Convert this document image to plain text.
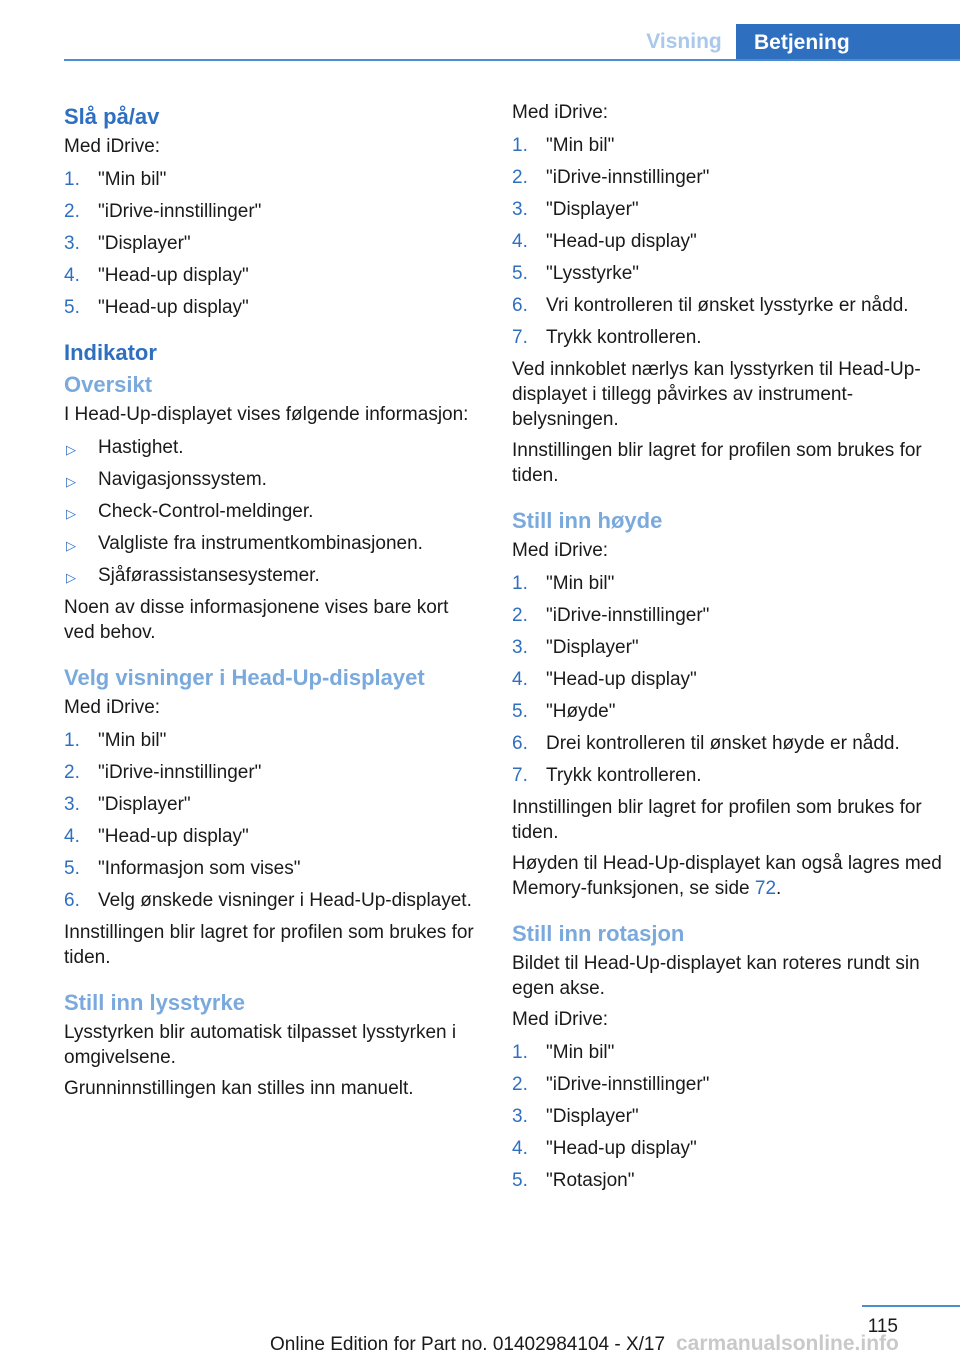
Visning	Betjening
Slå på/av

Med iDrive:

1. "Min bil"
2. "iDrive-innstillinger"
3. "Displayer"
4. "Head-up display"
5. "Head-up display"
Indikator
Oversikt

I Head-Up-displayet vises følgende informasjon:

▷ Hastighet.
▷ Navigasjonssystem.
▷ Check-Control-meldinger.
▷ Valgliste fra instrumentkombinasjonen.
▷ Sjåførassistansesystemer.

Noen av disse informasjonene vises bare kort ved behov.

Velg visninger i Head-Up-displayet

Med iDrive:

1. "Min bil"
2. "iDrive-innstillinger"
3. "Displayer"
4. "Head-up display"
5. "Informasjon som vises"
6. Velg ønskede visninger i Head-Up-displayet.

Innstillingen blir lagret for profilen som brukes for tiden.

Still inn lysstyrke

Lysstyrken blir automatisk tilpasset lysstyrken i omgivelsene.

Grunninnstillingen kan stilles inn manuelt.

Med iDrive:

1. "Min bil"
2. "iDrive-innstillinger"
3. "Displayer"
4. "Head-up display"
5. "Lysstyrke"
6. Vri kontrolleren til ønsket lysstyrke er nådd.
7. Trykk kontrolleren.

Ved innkoblet nærlys kan lysstyrken til Head-Up-displayet i tillegg påvirkes av instrumentbelysningen.

Innstillingen blir lagret for profilen som brukes for tiden.

Still inn høyde

Med iDrive:

1. "Min bil"
2. "iDrive-innstillinger"
3. "Displayer"
4. "Head-up display"
5. "Høyde"
6. Drei kontrolleren til ønsket høyde er nådd.
7. Trykk kontrolleren.

Innstillingen blir lagret for profilen som brukes for tiden.

Høyden til Head-Up-displayet kan også lagres med Memory-funksjonen, se side 72.

Still inn rotasjon

Bildet til Head-Up-displayet kan roteres rundt sin egen akse.

Med iDrive:

1. "Min bil"
2. "iDrive-innstillinger"
3. "Displayer"
4. "Head-up display"
5. "Rotasjon"
115
Online Edition for Part no. 01402984104 - X/17 carmanualsonline.info
